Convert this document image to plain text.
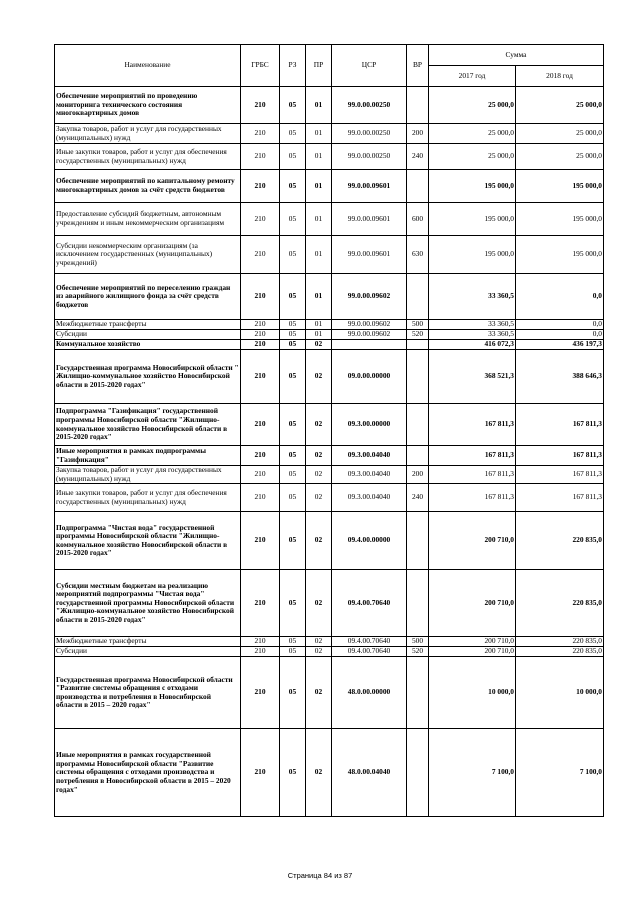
Наименование	ГРБС	РЗ	ПР	ЦСР	ВР	Сумма	
						2017 год	2018 год
Обеспечение мероприятий по проведению мониторинга технического состояния многоквартирных домов	210	05	01	99.0.00.00250		25 000,0	25 000,0
Закупка товаров, работ и услуг для государственных (муниципальных) нужд	210	05	01	99.0.00.00250	200	25 000,0	25 000,0
Иные закупки товаров, работ и услуг для обеспечения государственных (муниципальных) нужд	210	05	01	99.0.00.00250	240	25 000,0	25 000,0
Обеспечение мероприятий по капитальному ремонту многоквартирных домов за счёт средств бюджетов	210	05	01	99.0.00.09601		195 000,0	195 000,0
Предоставление субсидий бюджетным, автономным учреждениям и иным некоммерческим организациям	210	05	01	99.0.00.09601	600	195 000,0	195 000,0
Субсидии некоммерческим организациям (за исключением государственных (муниципальных) учреждений)	210	05	01	99.0.00.09601	630	195 000,0	195 000,0
Обеспечение мероприятий по переселению граждан из аварийного жилищного фонда за счёт средств бюджетов	210	05	01	99.0.00.09602		33 360,5	0,0
Межбюджетные трансферты	210	05	01	99.0.00.09602	500	33 360,5	0,0
Субсидии	210	05	01	99.0.00.09602	520	33 360,5	0,0
Коммунальное хозяйство	210	05	02			416 072,3	436 197,3
Государственная программа Новосибирской области " Жилищно-коммунальное хозяйство Новосибирской области в 2015-2020 годах"	210	05	02	09.0.00.00000		368 521,3	388 646,3
Подпрограмма "Газификация" государственной программы Новосибирской области "Жилищно-коммунальное хозяйство Новосибирской области в 2015-2020 годах"	210	05	02	09.3.00.00000		167 811,3	167 811,3
Иные мероприятия в рамках подпрограммы "Газификация"	210	05	02	09.3.00.04040		167 811,3	167 811,3
Закупка товаров, работ и услуг для государственных (муниципальных) нужд	210	05	02	09.3.00.04040	200	167 811,3	167 811,3
Иные закупки товаров, работ и услуг для обеспечения государственных (муниципальных) нужд	210	05	02	09.3.00.04040	240	167 811,3	167 811,3
Подпрограмма "Чистая вода" государственной программы Новосибирской области "Жилищно-коммунальное хозяйство Новосибирской области в 2015-2020 годах"	210	05	02	09.4.00.00000		200 710,0	220 835,0
Субсидии местным бюджетам на реализацию мероприятий подпрограммы "Чистая вода" государственной программы Новосибирской области "Жилищно-коммунальное хозяйство Новосибирской области в 2015-2020 годах"	210	05	02	09.4.00.70640		200 710,0	220 835,0
Межбюджетные трансферты	210	05	02	09.4.00.70640	500	200 710,0	220 835,0
Субсидии	210	05	02	09.4.00.70640	520	200 710,0	220 835,0
Государственная программа Новосибирской области "Развитие системы обращения с отходами производства и потребления в Новосибирской области в 2015 – 2020 годах"	210	05	02	48.0.00.00000		10 000,0	10 000,0
Иные мероприятия в рамках государственной программы Новосибирской области "Развитие системы обращения с отходами производства и потребления в Новосибирской области в 2015 – 2020 годах"	210	05	02	48.0.00.04040		7 100,0	7 100,0
Страница 84 из 87
